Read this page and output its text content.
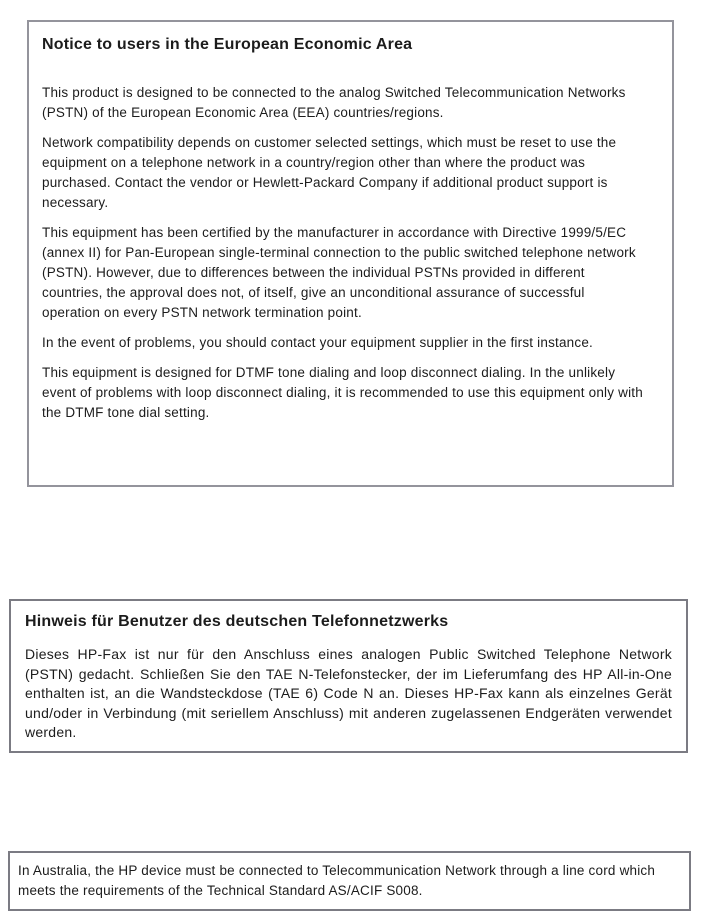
Notice to users in the European Economic Area

This product is designed to be connected to the analog Switched Telecommunication Networks (PSTN) of the European Economic Area (EEA) countries/regions.

Network compatibility depends on customer selected settings, which must be reset to use the equipment on a telephone network in a country/region other than where the product was purchased. Contact the vendor or Hewlett-Packard Company if additional product support is necessary.

This equipment has been certified by the manufacturer in accordance with Directive 1999/5/EC (annex II) for Pan-European single-terminal connection to the public switched telephone network (PSTN). However, due to differences between the individual PSTNs provided in different countries, the approval does not, of itself, give an unconditional assurance of successful operation on every PSTN network termination point.

In the event of problems, you should contact your equipment supplier in the first instance.

This equipment is designed for DTMF tone dialing and loop disconnect dialing. In the unlikely event of problems with loop disconnect dialing, it is recommended to use this equipment only with the DTMF tone dial setting.

Hinweis für Benutzer des deutschen Telefonnetzwerks

Dieses HP-Fax ist nur für den Anschluss eines analogen Public Switched Telephone Network (PSTN) gedacht. Schließen Sie den TAE N-Telefonstecker, der im Lieferumfang des HP All-in-One enthalten ist, an die Wandsteckdose (TAE 6) Code N an. Dieses HP-Fax kann als einzelnes Gerät und/oder in Verbindung (mit seriellem Anschluss) mit anderen zugelassenen Endgeräten verwendet werden.

In Australia, the HP device must be connected to Telecommunication Network through a line cord which meets the requirements of the Technical Standard AS/ACIF S008.
